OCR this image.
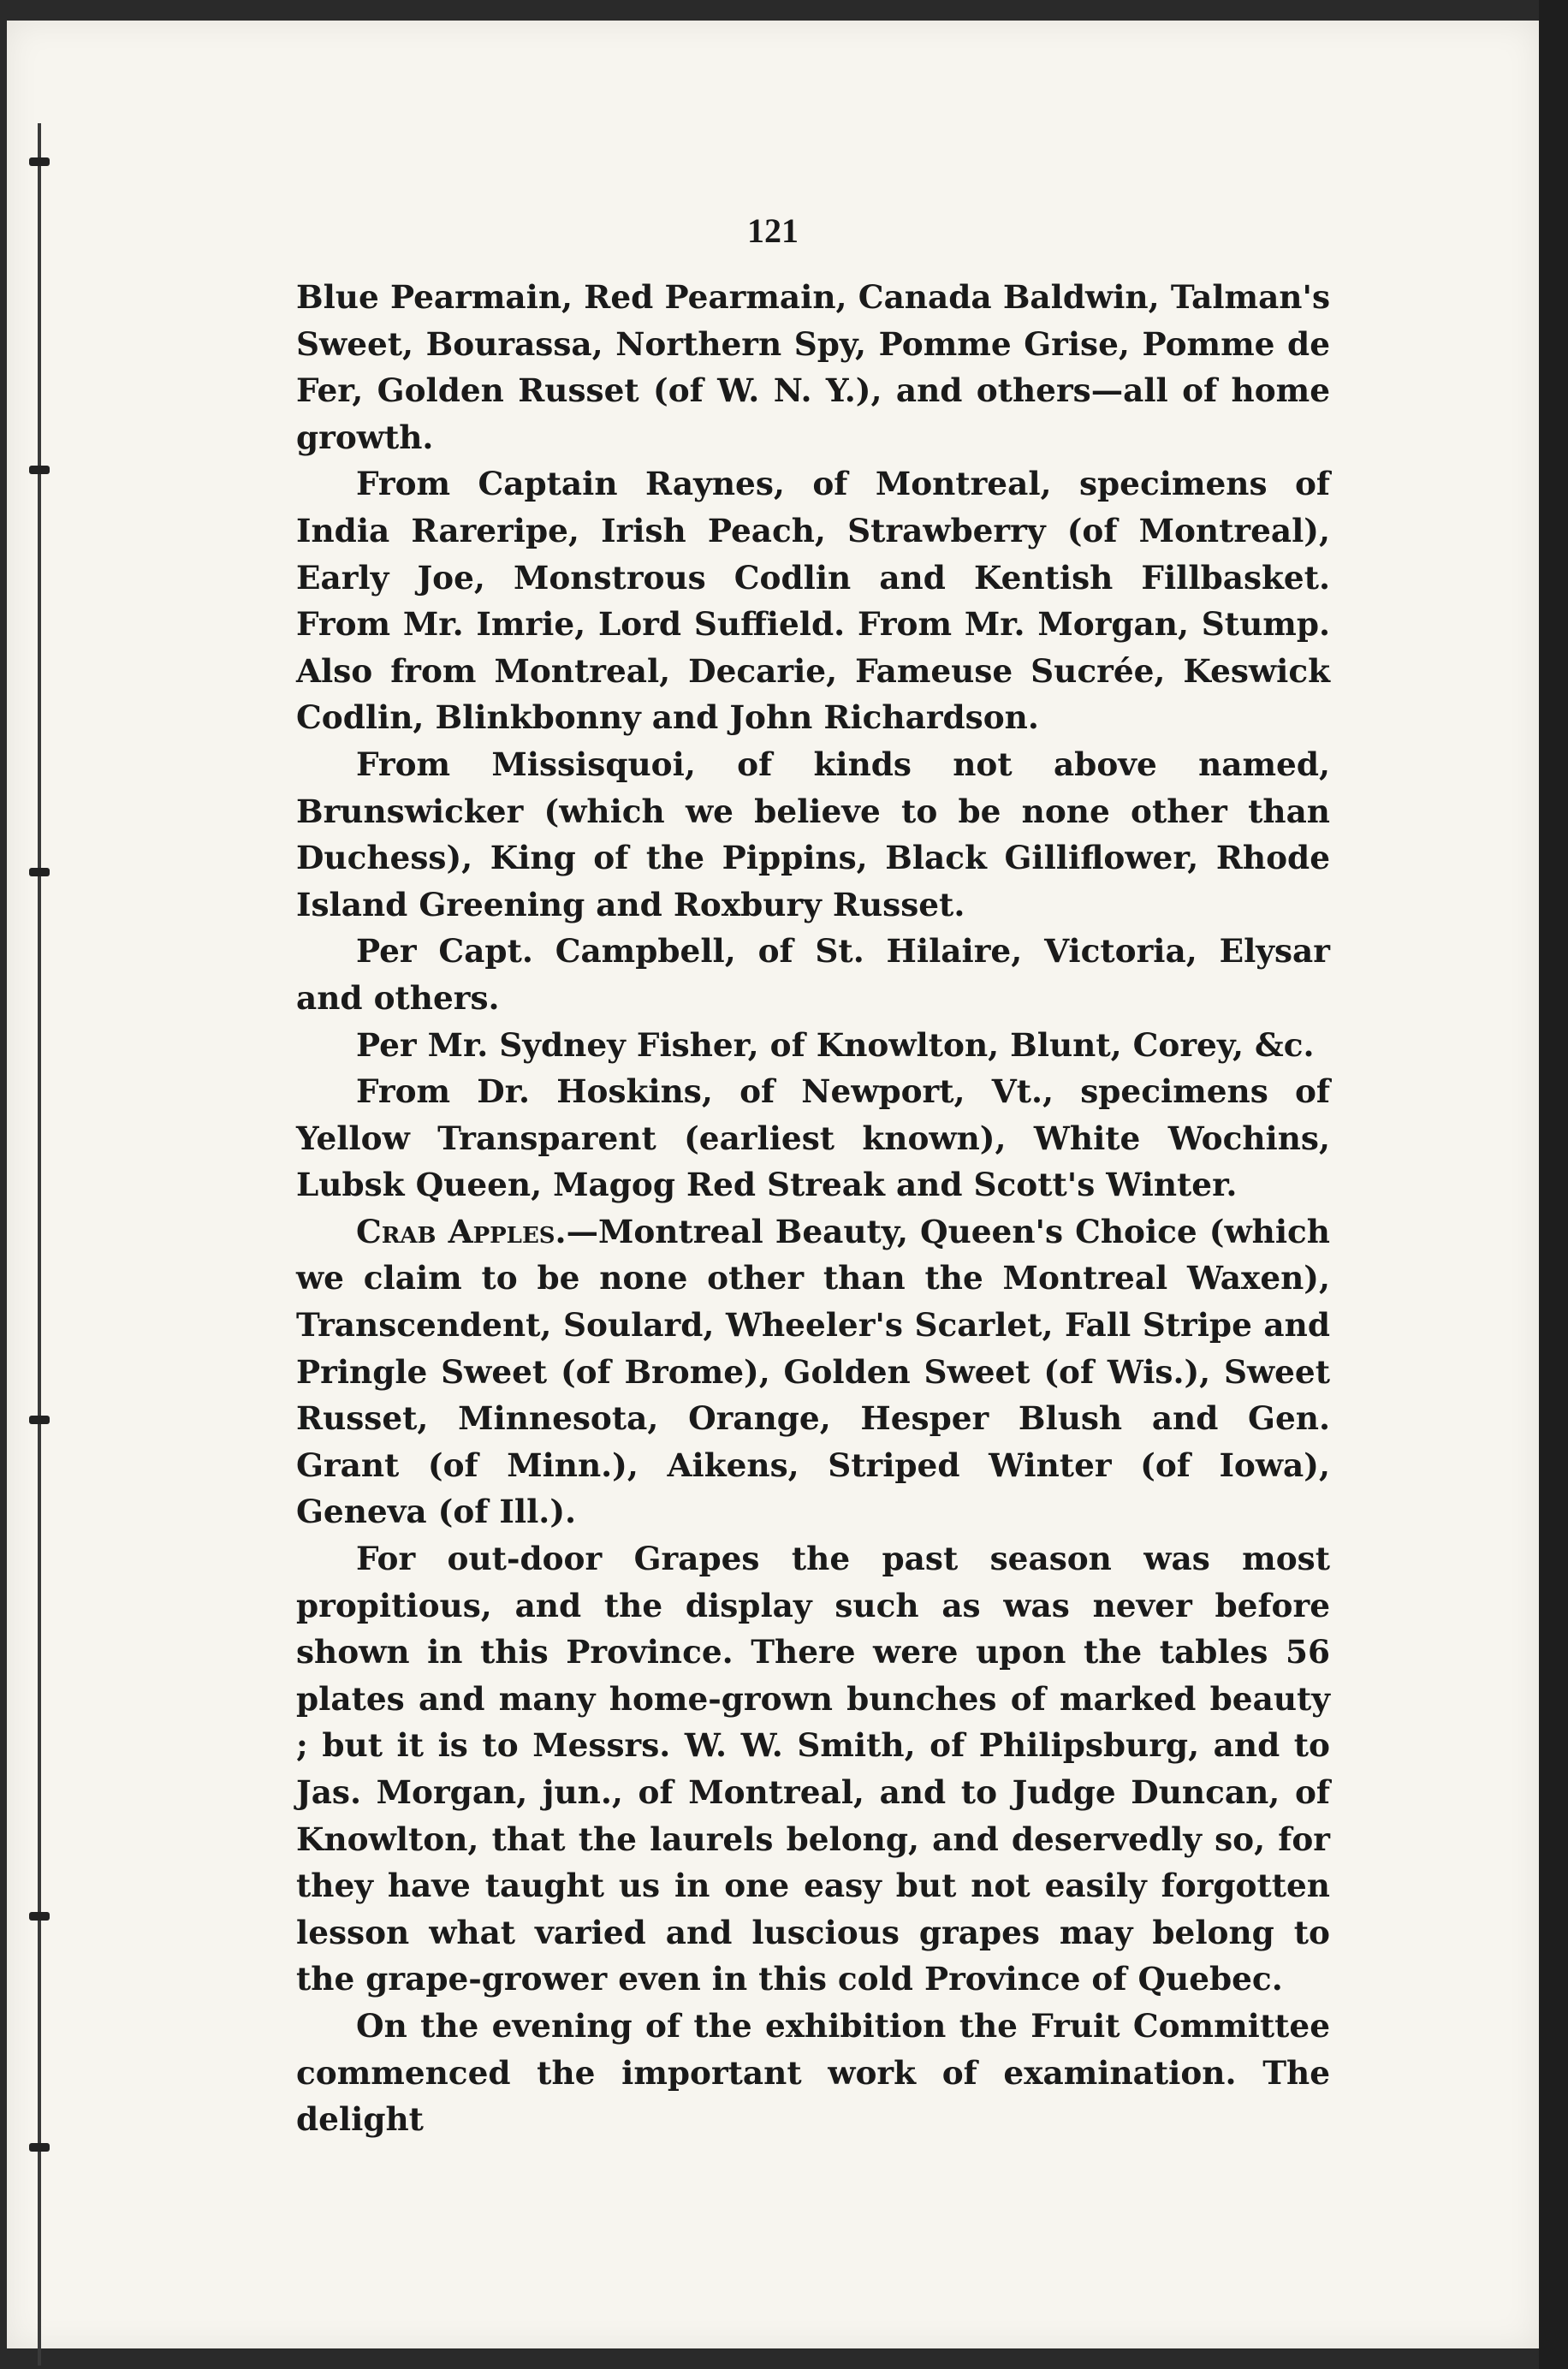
121

Blue Pearmain, Red Pearmain, Canada Baldwin, Talman's Sweet, Bourassa, Northern Spy, Pomme Grise, Pomme de Fer, Golden Russet (of W. N. Y.), and others—all of home growth.

From Captain Raynes, of Montreal, specimens of India Rareripe, Irish Peach, Strawberry (of Montreal), Early Joe, Monstrous Codlin and Kentish Fillbasket. From Mr. Imrie, Lord Suffield. From Mr. Morgan, Stump. Also from Montreal, Decarie, Fameuse Sucrée, Keswick Codlin, Blinkbonny and John Richardson.

From Missisquoi, of kinds not above named, Brunswicker (which we believe to be none other than Duchess), King of the Pippins, Black Gilliflower, Rhode Island Greening and Roxbury Russet.

Per Capt. Campbell, of St. Hilaire, Victoria, Elysar and others.

Per Mr. Sydney Fisher, of Knowlton, Blunt, Corey, &c.

From Dr. Hoskins, of Newport, Vt., specimens of Yellow Transparent (earliest known), White Wochins, Lubsk Queen, Magog Red Streak and Scott's Winter.

Crab Apples.—Montreal Beauty, Queen's Choice (which we claim to be none other than the Montreal Waxen), Transcendent, Soulard, Wheeler's Scarlet, Fall Stripe and Pringle Sweet (of Brome), Golden Sweet (of Wis.), Sweet Russet, Minnesota, Orange, Hesper Blush and Gen. Grant (of Minn.), Aikens, Striped Winter (of Iowa), Geneva (of Ill.).

For out-door Grapes the past season was most propitious, and the display such as was never before shown in this Province. There were upon the tables 56 plates and many home-grown bunches of marked beauty ; but it is to Messrs. W. W. Smith, of Philipsburg, and to Jas. Morgan, jun., of Montreal, and to Judge Duncan, of Knowlton, that the laurels belong, and deservedly so, for they have taught us in one easy but not easily forgotten lesson what varied and luscious grapes may belong to the grape-grower even in this cold Province of Quebec.

On the evening of the exhibition the Fruit Committee commenced the important work of examination. The delight
